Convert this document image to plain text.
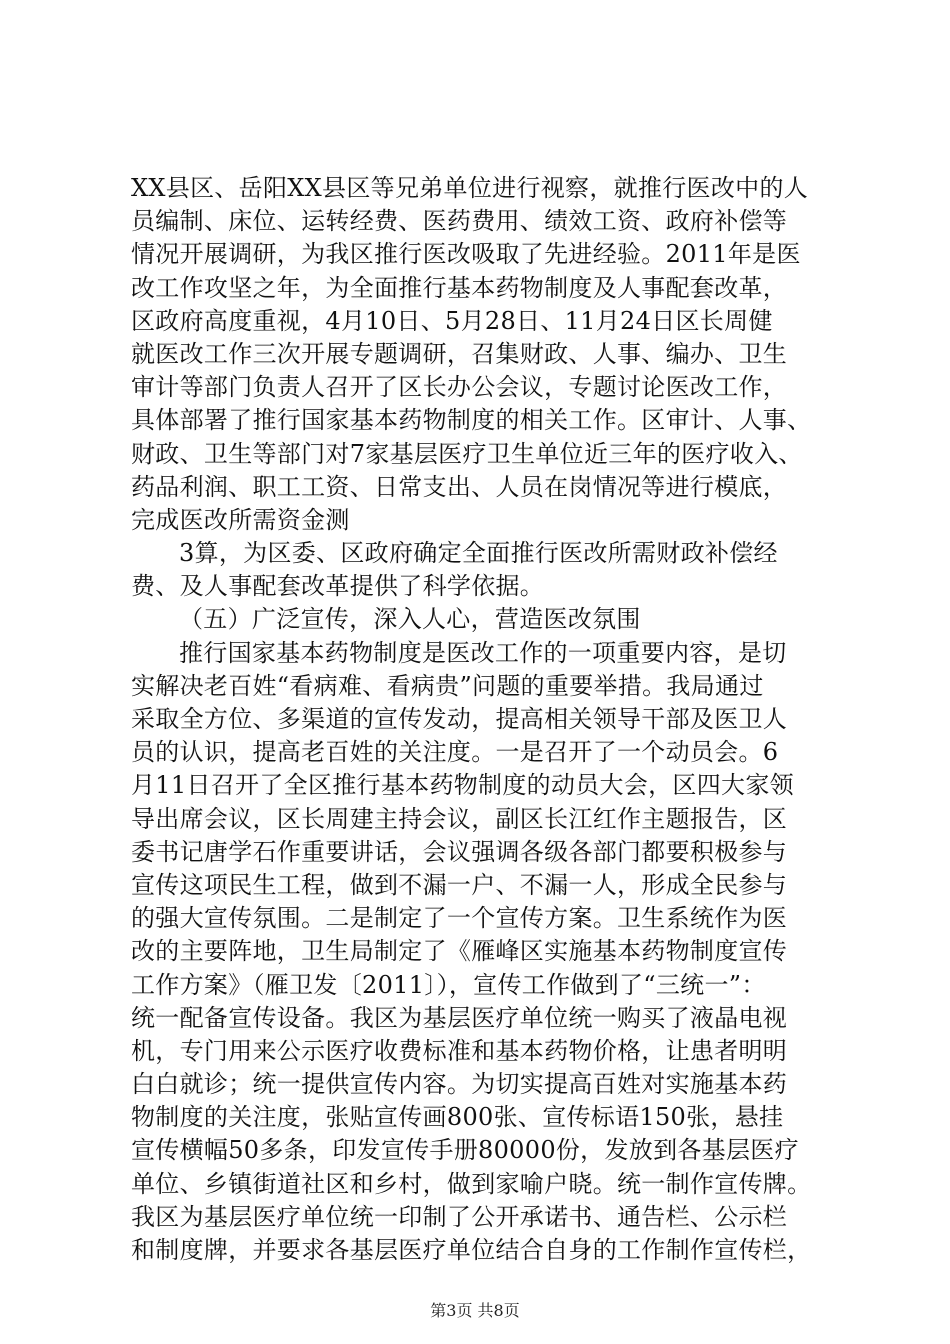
XX县区、岳阳XX县区等兄弟单位进行视察，就推行医改中的人
员编制、床位、运转经费、医药费用、绩效工资、政府补偿等
情况开展调研，为我区推行医改吸取了先进经验。2011年是医
改工作攻坚之年，为全面推行基本药物制度及人事配套改革，
区政府高度重视，4月10日、5月28日、11月24日区长周健
就医改工作三次开展专题调研，召集财政、人事、编办、卫生
审计等部门负责人召开了区长办公会议，专题讨论医改工作，
具体部署了推行国家基本药物制度的相关工作。区审计、人事、
财政、卫生等部门对7家基层医疗卫生单位近三年的医疗收入、
药品利润、职工工资、日常支出、人员在岗情况等进行模底，
完成医改所需资金测
3算，为区委、区政府确定全面推行医改所需财政补偿经
费、及人事配套改革提供了科学依据。
（五）广泛宣传，深入人心，营造医改氛围
推行国家基本药物制度是医改工作的一项重要内容，是切
实解决老百姓“看病难、看病贵”问题的重要举措。我局通过
采取全方位、多渠道的宣传发动，提高相关领导干部及医卫人
员的认识，提高老百姓的关注度。一是召开了一个动员会。6
月11日召开了全区推行基本药物制度的动员大会，区四大家领
导出席会议，区长周建主持会议，副区长江红作主题报告，区
委书记唐学石作重要讲话，会议强调各级各部门都要积极参与
宣传这项民生工程，做到不漏一户、不漏一人，形成全民参与
的强大宣传氛围。二是制定了一个宣传方案。卫生系统作为医
改的主要阵地，卫生局制定了《雁峰区实施基本药物制度宣传
工作方案》（雁卫发〔2011〕），宣传工作做到了“三统一”：
统一配备宣传设备。我区为基层医疗单位统一购买了液晶电视
机，专门用来公示医疗收费标准和基本药物价格，让患者明明
白白就诊；统一提供宣传内容。为切实提高百姓对实施基本药
物制度的关注度，张贴宣传画800张、宣传标语150张，悬挂
宣传横幅50多条，印发宣传手册80000份，发放到各基层医疗
单位、乡镇街道社区和乡村，做到家喻户晓。统一制作宣传牌。
我区为基层医疗单位统一印制了公开承诺书、通告栏、公示栏
和制度牌，并要求各基层医疗单位结合自身的工作制作宣传栏，
第3页 共8页
